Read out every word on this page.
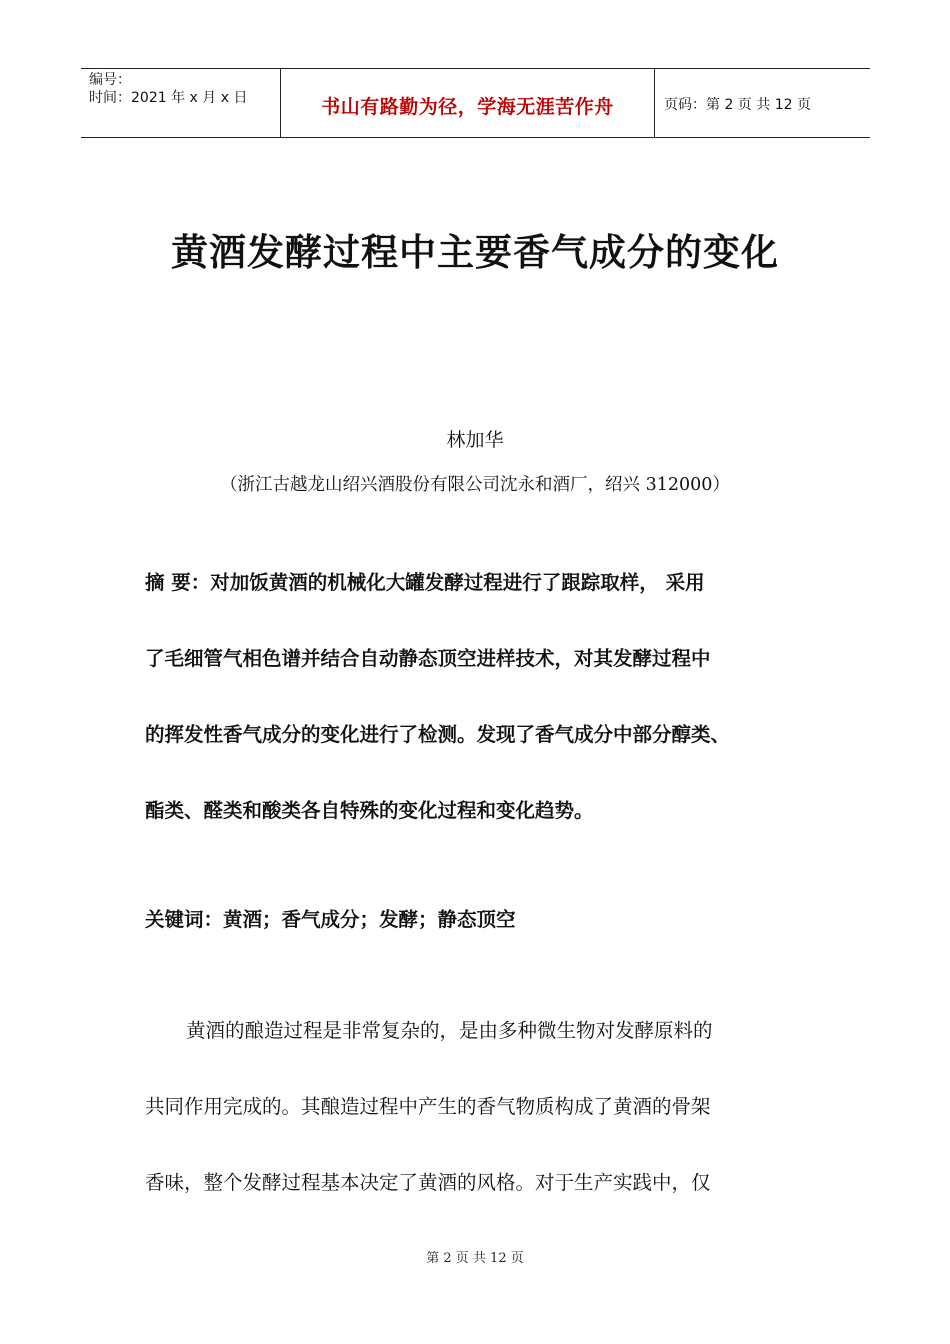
编号：
时间：2021 年 x 月 x 日	书山有路勤为径，学海无涯苦作舟	页码：第 2 页 共 12 页
黄酒发酵过程中主要香气成分的变化
林加华
（浙江古越龙山绍兴酒股份有限公司沈永和酒厂，绍兴 312000）
摘 要：对加饭黄酒的机械化大罐发酵过程进行了跟踪取样， 采用
了毛细管气相色谱并结合自动静态顶空进样技术，对其发酵过程中
的挥发性香气成分的变化进行了检测。发现了香气成分中部分醇类、
酯类、醛类和酸类各自特殊的变化过程和变化趋势。
关键词：黄酒；香气成分；发酵；静态顶空
黄酒的酿造过程是非常复杂的，是由多种微生物对发酵原料的
共同作用完成的。其酿造过程中产生的香气物质构成了黄酒的骨架
香味，整个发酵过程基本决定了黄酒的风格。对于生产实践中，仅
第 2 页 共 12 页
